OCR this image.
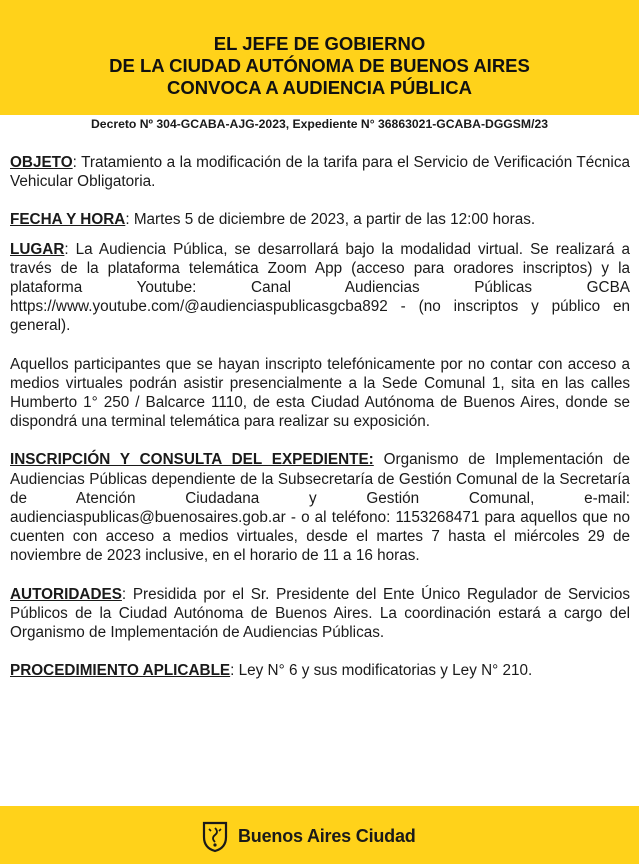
EL JEFE DE GOBIERNO
DE LA CIUDAD AUTÓNOMA DE BUENOS AIRES
CONVOCA A AUDIENCIA PÚBLICA
Decreto Nº 304-GCABA-AJG-2023, Expediente N° 36863021-GCABA-DGGSM/23

OBJETO: Tratamiento a la modificación de la tarifa para el Servicio de Verificación Técnica Vehicular Obligatoria.

FECHA Y HORA: Martes 5 de diciembre de 2023, a partir de las 12:00 horas.

LUGAR: La Audiencia Pública, se desarrollará bajo la modalidad virtual. Se realizará a través de la plataforma telemática Zoom App (acceso para oradores inscriptos) y la plataforma Youtube: Canal Audiencias Públicas GCBA https://www.youtube.com/@audienciaspublicasgcba892 - (no inscriptos y público en general).

Aquellos participantes que se hayan inscripto telefónicamente por no contar con acceso a medios virtuales podrán asistir presencialmente a la Sede Comunal 1, sita en las calles Humberto 1° 250 / Balcarce 1110, de esta Ciudad Autónoma de Buenos Aires, donde se dispondrá una terminal telemática para realizar su exposición.

INSCRIPCIÓN Y CONSULTA DEL EXPEDIENTE: Organismo de Implementación de Audiencias Públicas dependiente de la Subsecretaría de Gestión Comunal de la Secretaría de Atención Ciudadana y Gestión Comunal, e-mail: audienciaspublicas@buenosaires.gob.ar - o al teléfono: 1153268471 para aquellos que no cuenten con acceso a medios virtuales, desde el martes 7 hasta el miércoles 29 de noviembre de 2023 inclusive, en el horario de 11 a 16 horas.

AUTORIDADES: Presidida por el Sr. Presidente del Ente Único Regulador de Servicios Públicos de la Ciudad Autónoma de Buenos Aires. La coordinación estará a cargo del Organismo de Implementación de Audiencias Públicas.

PROCEDIMIENTO APLICABLE: Ley N° 6 y sus modificatorias y Ley N° 210.

Buenos Aires Ciudad
